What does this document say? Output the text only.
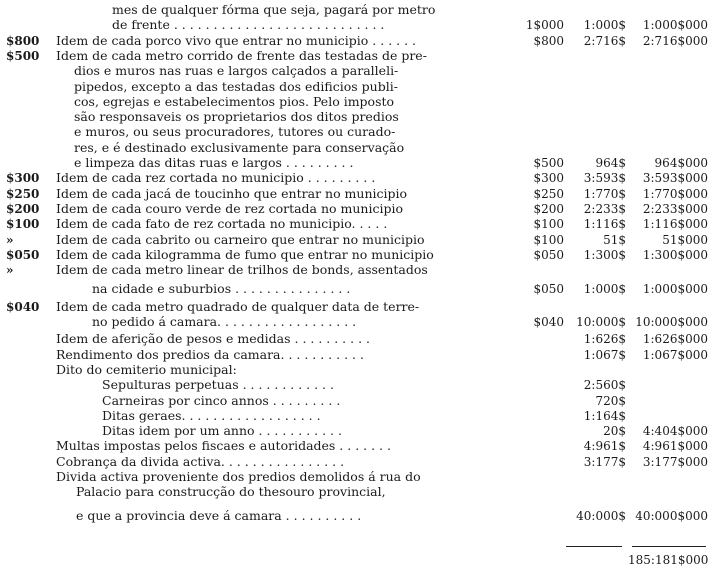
mes de qualquer fórma que seja, pagará por metro
de frente . . . . . . . . . . . . . . . . . . . . . . . . . . .	1$000	1:000$	1:000$000
$800	Idem de cada porco vivo que entrar no municipio . . . . . .	$800	2:716$	2:716$000
$500	Idem de cada metro corrido de frente das testadas de pre-
dios e muros nas ruas e largos calçados a paralleli-
pipedos, excepto a das testadas dos edificios publi-
cos, egrejas e estabelecimentos pios. Pelo imposto
são responsaveis os proprietarios dos ditos predios
e muros, ou seus procuradores, tutores ou curado-
res, e é destinado exclusivamente para conservação
e limpeza das ditas ruas e largos . . . . . . . . .	$500	964$	964$000
$300	Idem de cada rez cortada no municipio . . . . . . . . .	$300	3:593$	3:593$000
$250	Idem de cada jacá de toucinho que entrar no municipio	$250	1:770$	1:770$000
$200	Idem de cada couro verde de rez cortada no municipio	$200	2:233$	2:233$000
$100	Idem de cada fato de rez cortada no municipio. . . . .	$100	1:116$	1:116$000
»	Idem de cada cabrito ou carneiro que entrar no municipio	$100	51$	51$000
$050	Idem de cada kilogramma de fumo que entrar no municipio	$050	1:300$	1:300$000
»	Idem de cada metro linear de trilhos de bonds, assentados
na cidade e suburbios . . . . . . . . . . . . . . .	$050	1:000$	1:000$000
$040	Idem de cada metro quadrado de qualquer data de terre-
no pedido á camara. . . . . . . . . . . . . . . . . .	$040	10:000$ 10:000$000
Idem de aferição de pesos e medidas . . . . . . . . . .	1:626$	1:626$000
Rendimento dos predios da camara. . . . . . . . . . .	1:067$	1:067$000
Dito do cemiterio municipal:
Sepulturas perpetuas . . . . . . . . . . . .	2:560$
Carneiras por cinco annos . . . . . . . . .	720$
Ditas geraes. . . . . . . . . . . . . . . . . .	1:164$
Ditas idem por um anno . . . . . . . . . . .	20$	4:404$000
Multas impostas pelos fiscaes e autoridades . . . . . . .	4:961$	4:961$000
Cobrança da divida activa. . . . . . . . . . . . . . . .	3:177$	3:177$000
Divida activa proveniente dos predios demolidos á rua do
Palacio para construcção do thesouro provincial,
e que a provincia deve á camara . . . . . . . . . .	40:000$ 40:000$000
185:181$000
